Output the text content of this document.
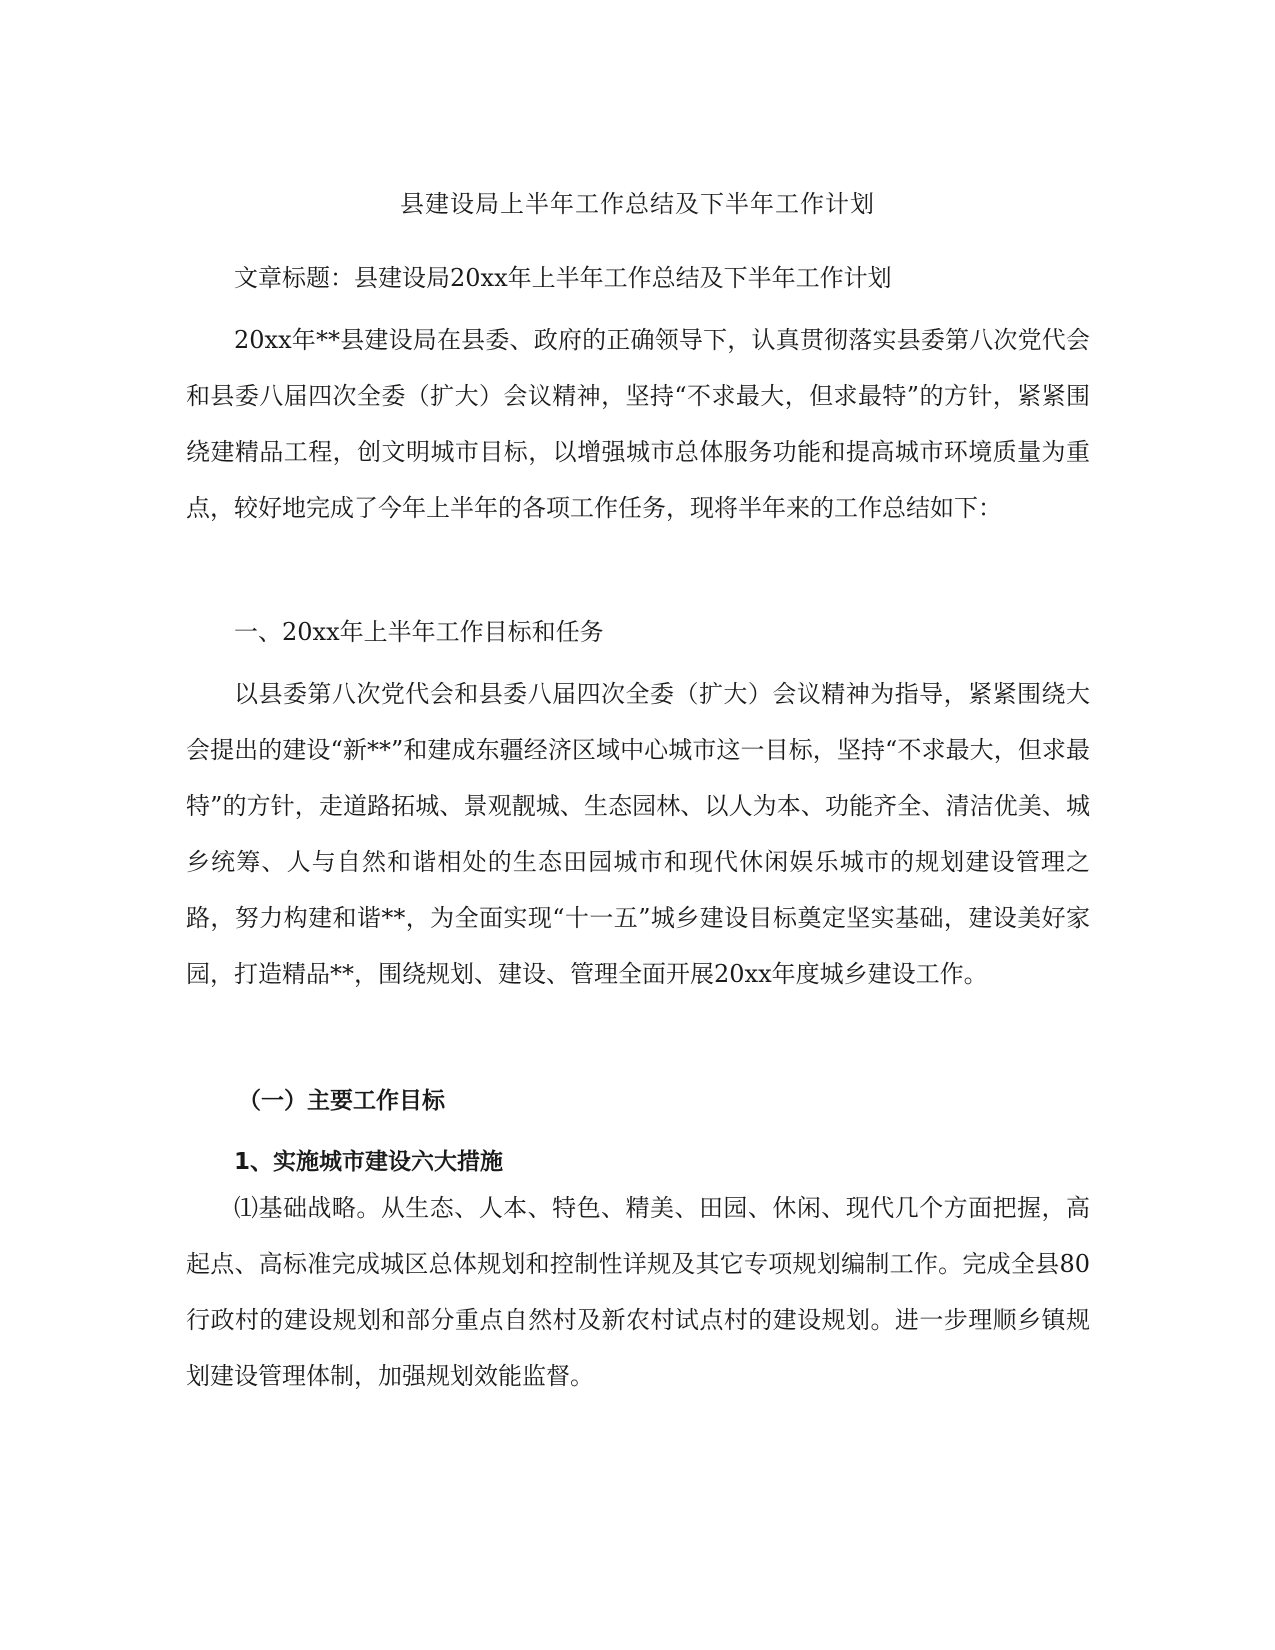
县建设局上半年工作总结及下半年工作计划
文章标题：县建设局20xx年上半年工作总结及下半年工作计划

20xx年**县建设局在县委、政府的正确领导下，认真贯彻落实县委第八次党代会和县委八届四次全委（扩大）会议精神，坚持“不求最大，但求最特”的方针，紧紧围绕建精品工程，创文明城市目标，以增强城市总体服务功能和提高城市环境质量为重点，较好地完成了今年上半年的各项工作任务，现将半年来的工作总结如下：

一、20xx年上半年工作目标和任务

以县委第八次党代会和县委八届四次全委（扩大）会议精神为指导，紧紧围绕大会提出的建设“新**”和建成东疆经济区域中心城市这一目标，坚持“不求最大，但求最特”的方针，走道路拓城、景观靓城、生态园林、以人为本、功能齐全、清洁优美、城乡统筹、人与自然和谐相处的生态田园城市和现代休闲娱乐城市的规划建设管理之路，努力构建和谐**，为全面实现“十一五”城乡建设目标奠定坚实基础，建设美好家园，打造精品**，围绕规划、建设、管理全面开展20xx年度城乡建设工作。

（一）主要工作目标
1、实施城市建设六大措施

⑴基础战略。从生态、人本、特色、精美、田园、休闲、现代几个方面把握，高起点、高标准完成城区总体规划和控制性详规及其它专项规划编制工作。完成全县80行政村的建设规划和部分重点自然村及新农村试点村的建设规划。进一步理顺乡镇规划建设管理体制，加强规划效能监督。
